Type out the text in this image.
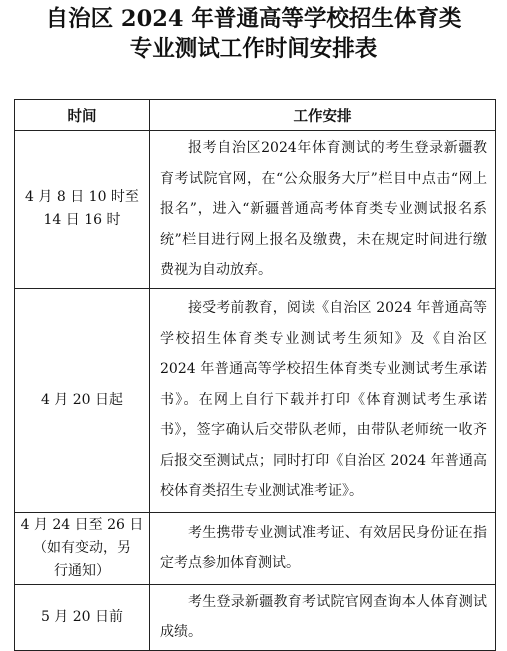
自治区 2024 年普通高等学校招生体育类
专业测试工作时间安排表
时间	工作安排

4 月 8 日 10 时至
14 日 16 时	报考自治区2024年体育测试的考生登录新疆教育考试院官网，在“公众服务大厅”栏目中点击“网上报名”，进入“新疆普通高考体育类专业测试报名系统”栏目进行网上报名及缴费，未在规定时间进行缴费视为自动放弃。

4 月 20 日起	接受考前教育，阅读《自治区 2024 年普通高等学校招生体育类专业测试考生须知》及《自治区 2024 年普通高等学校招生体育类专业测试考生承诺书》。在网上自行下载并打印《体育测试考生承诺书》，签字确认后交带队老师，由带队老师统一收齐后报交至测试点；同时打印《自治区 2024 年普通高校体育类招生专业测试准考证》。

4 月 24 日至 26 日
（如有变动，另
行通知）	考生携带专业测试准考证、有效居民身份证在指定考点参加体育测试。

5 月 20 日前	考生登录新疆教育考试院官网查询本人体育测试成绩。
